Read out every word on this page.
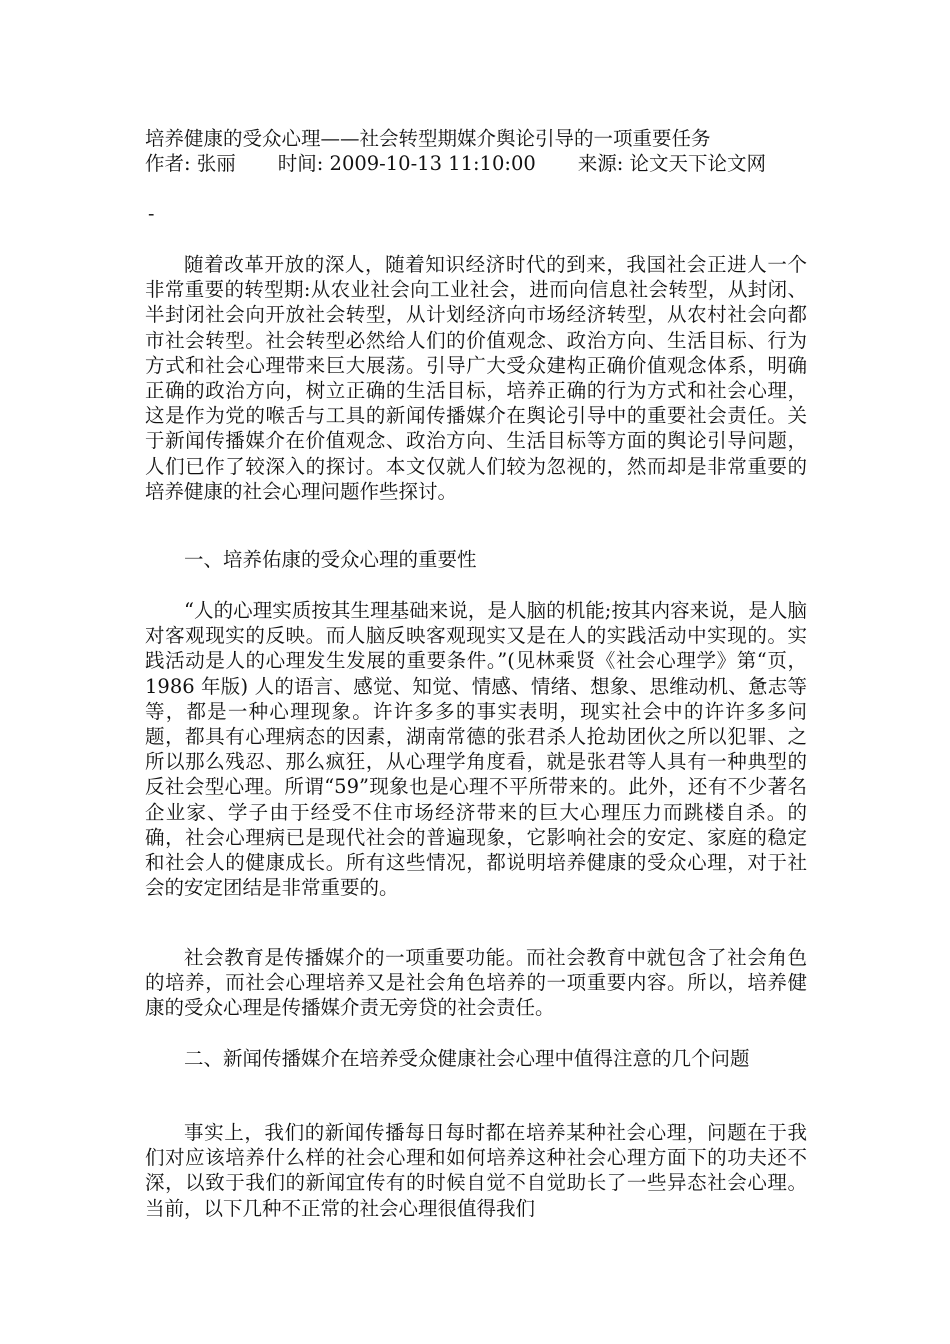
培养健康的受众心理——社会转型期媒介舆论引导的一项重要任务
作者: 张丽 时间: 2009-10-13 11:10:00 来源: 论文天下论文网
-

随着改革开放的深人，随着知识经济时代的到来，我国社会正进人一个非常重要的转型期:从农业社会向工业社会，进而向信息社会转型，从封闭、半封闭社会向开放社会转型，从计划经济向市场经济转型，从农村社会向都市社会转型。社会转型必然给人们的价值观念、政治方向、生活目标、行为方式和社会心理带来巨大展荡。引导广大受众建构正确价值观念体系，明确正确的政治方向，树立正确的生活目标，培养正确的行为方式和社会心理，这是作为党的喉舌与工具的新闻传播媒介在舆论引导中的重要社会责任。关于新闻传播媒介在价值观念、政治方向、生活目标等方面的舆论引导问题，人们已作了较深入的探讨。本文仅就人们较为忽视的，然而却是非常重要的培养健康的社会心理问题作些探讨。

一、培养佑康的受众心理的重要性

“人的心理实质按其生理基础来说，是人脑的机能;按其内容来说，是人脑对客观现实的反映。而人脑反映客观现实又是在人的实践活动中实现的。实践活动是人的心理发生发展的重要条件。”(见林乘贤《社会心理学》第“页，1986 年版) 人的语言、感觉、知觉、情感、情绪、想象、思维动机、惫志等等，都是一种心理现象。许许多多的事实表明，现实社会中的许许多多问题，都具有心理病态的因素，湖南常德的张君杀人抢劫团伙之所以犯罪、之所以那么残忍、那么疯狂，从心理学角度看，就是张君等人具有一种典型的反社会型心理。所谓“59”现象也是心理不平所带来的。此外，还有不少著名企业家、学子由于经受不住市场经济带来的巨大心理压力而跳楼自杀。的确，社会心理病已是现代社会的普遍现象，它影响社会的安定、家庭的稳定和社会人的健康成长。所有这些情况，都说明培养健康的受众心理，对于社会的安定团结是非常重要的。

社会教育是传播媒介的一项重要功能。而社会教育中就包含了社会角色的培养，而社会心理培养又是社会角色培养的一项重要内容。所以，培养健康的受众心理是传播媒介责无旁贷的社会责任。

二、新闻传播媒介在培养受众健康社会心理中值得注意的几个问题

事实上，我们的新闻传播每日每时都在培养某种社会心理，问题在于我们对应该培养什么样的社会心理和如何培养这种社会心理方面下的功夫还不深，以致于我们的新闻宜传有的时候自觉不自觉助长了一些异态社会心理。当前，以下几种不正常的社会心理很值得我们
